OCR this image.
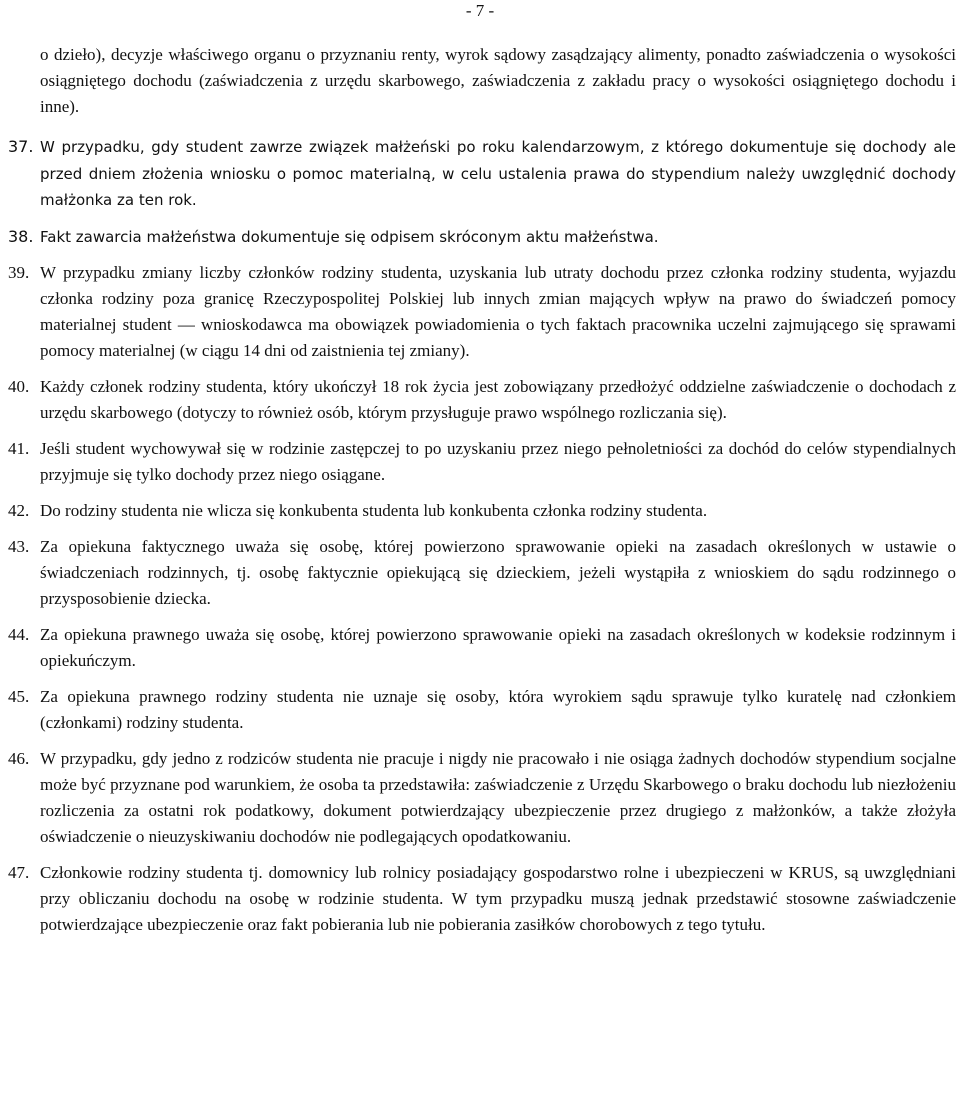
- 7 -
o dzieło), decyzje właściwego organu o przyznaniu renty, wyrok sądowy zasądzający alimenty, ponadto zaświadczenia o wysokości osiągniętego dochodu (zaświadczenia z urzędu skarbowego, zaświadczenia z zakładu pracy o wysokości osiągniętego dochodu i inne).
37. W przypadku, gdy student zawrze związek małżeński po roku kalendarzowym, z którego dokumentuje się dochody ale przed dniem złożenia wniosku o pomoc materialną, w celu ustalenia prawa do stypendium należy uwzględnić dochody małżonka za ten rok.
38. Fakt zawarcia małżeństwa dokumentuje się odpisem skróconym aktu małżeństwa.
39. W przypadku zmiany liczby członków rodziny studenta, uzyskania lub utraty dochodu przez członka rodziny studenta, wyjazdu członka rodziny poza granicę Rzeczypospolitej Polskiej lub innych zmian mających wpływ na prawo do świadczeń pomocy materialnej student ― wnioskodawca ma obowiązek powiadomienia o tych faktach pracownika uczelni zajmującego się sprawami pomocy materialnej (w ciągu 14 dni od zaistnienia tej zmiany).
40. Każdy członek rodziny studenta, który ukończył 18 rok życia jest zobowiązany przedłożyć oddzielne zaświadczenie o dochodach z urzędu skarbowego (dotyczy to również osób, którym przysługuje prawo wspólnego rozliczania się).
41. Jeśli student wychowywał się w rodzinie zastępczej to po uzyskaniu przez niego pełnoletniości za dochód do celów stypendialnych przyjmuje się tylko dochody przez niego osiągane.
42. Do rodziny studenta nie wlicza się konkubenta studenta lub konkubenta członka rodziny studenta.
43. Za opiekuna faktycznego uważa się osobę, której powierzono sprawowanie opieki na zasadach określonych w ustawie o świadczeniach rodzinnych, tj. osobę faktycznie opiekującą się dzieckiem, jeżeli wystąpiła z wnioskiem do sądu rodzinnego o przysposobienie dziecka.
44. Za opiekuna prawnego uważa się osobę, której powierzono sprawowanie opieki na zasadach określonych w kodeksie rodzinnym i opiekuńczym.
45. Za opiekuna prawnego rodziny studenta nie uznaje się osoby, która wyrokiem sądu sprawuje tylko kuratelę nad członkiem (członkami) rodziny studenta.
46. W przypadku, gdy jedno z rodziców studenta nie pracuje i nigdy nie pracowało i nie osiąga żadnych dochodów stypendium socjalne może być przyznane pod warunkiem, że osoba ta przedstawiła: zaświadczenie z Urzędu Skarbowego o braku dochodu lub niezłożeniu rozliczenia za ostatni rok podatkowy, dokument potwierdzający ubezpieczenie przez drugiego z małżonków, a także złożyła oświadczenie o nieuzyskiwaniu dochodów nie podlegających opodatkowaniu.
47. Członkowie rodziny studenta tj. domownicy lub rolnicy posiadający gospodarstwo rolne i ubezpieczeni w KRUS, są uwzględniani przy obliczaniu dochodu na osobę w rodzinie studenta. W tym przypadku muszą jednak przedstawić stosowne zaświadczenie potwierdzające ubezpieczenie oraz fakt pobierania lub nie pobierania zasiłków chorobowych z tego tytułu.
